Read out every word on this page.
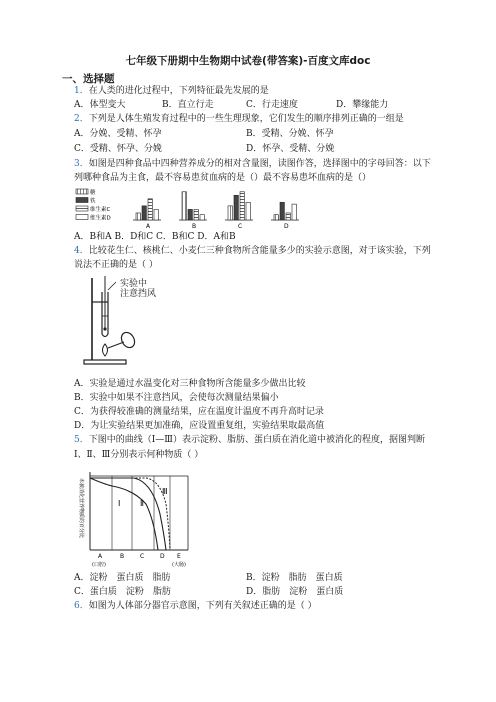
七年级下册期中生物期中试卷(带答案)-百度文库doc
一、选择题
1．在人类的进化过程中，下列特征最先发展的是
A．体型变大	B．直立行走	C．行走速度	D．攀缘能力
2．下列是人体生殖发育过程中的一些生理现象，它们发生的顺序排列正确的一组是
A．分娩、受精、怀孕	B．受精、分娩、怀孕
C．受精、怀孕、分娩	D．怀孕、受精、分娩
3．如图是四种食品中四种营养成分的相对含量图，读图作答，选择图中的字母回答：以下
列哪种食品为主食，最不容易患贫血病的是（）最不容易患坏血病的是（）
糖
铁
维生素C
维生素D
A	B	C	D
A．B和A B．D和C C．B和C D．A和B
4．比较花生仁、核桃仁、小麦仁三种食物所含能量多少的实验示意图，对于该实验，下列
说法不正确的是（ ）
实验中
注意挡风
A．实验是通过水温变化对三种食物所含能量多少做出比较
B．实验中如果不注意挡风，会使每次测量结果偏小
C．为获得较准确的测量结果，应在温度计温度不再升高时记录
D．为让实验结果更加准确，应设置重复组，实验结果取最高值
5．下图中的曲线（Ⅰ—Ⅲ）表示淀粉、脂肪、蛋白质在消化道中被消化的程度，据图判断
Ⅰ、Ⅱ、Ⅲ分别表示何种物质（ ）
未被消化营养物质的百分比	Ⅰ Ⅱ
Ⅲ
A	B	C	D E
(口腔)	(大肠)
A．淀粉　蛋白质　脂肪	B．淀粉　脂肪　蛋白质
C．蛋白质　淀粉　脂肪	D．脂肪　淀粉　蛋白质
6．如图为人体部分器官示意图，下列有关叙述正确的是（ ）
